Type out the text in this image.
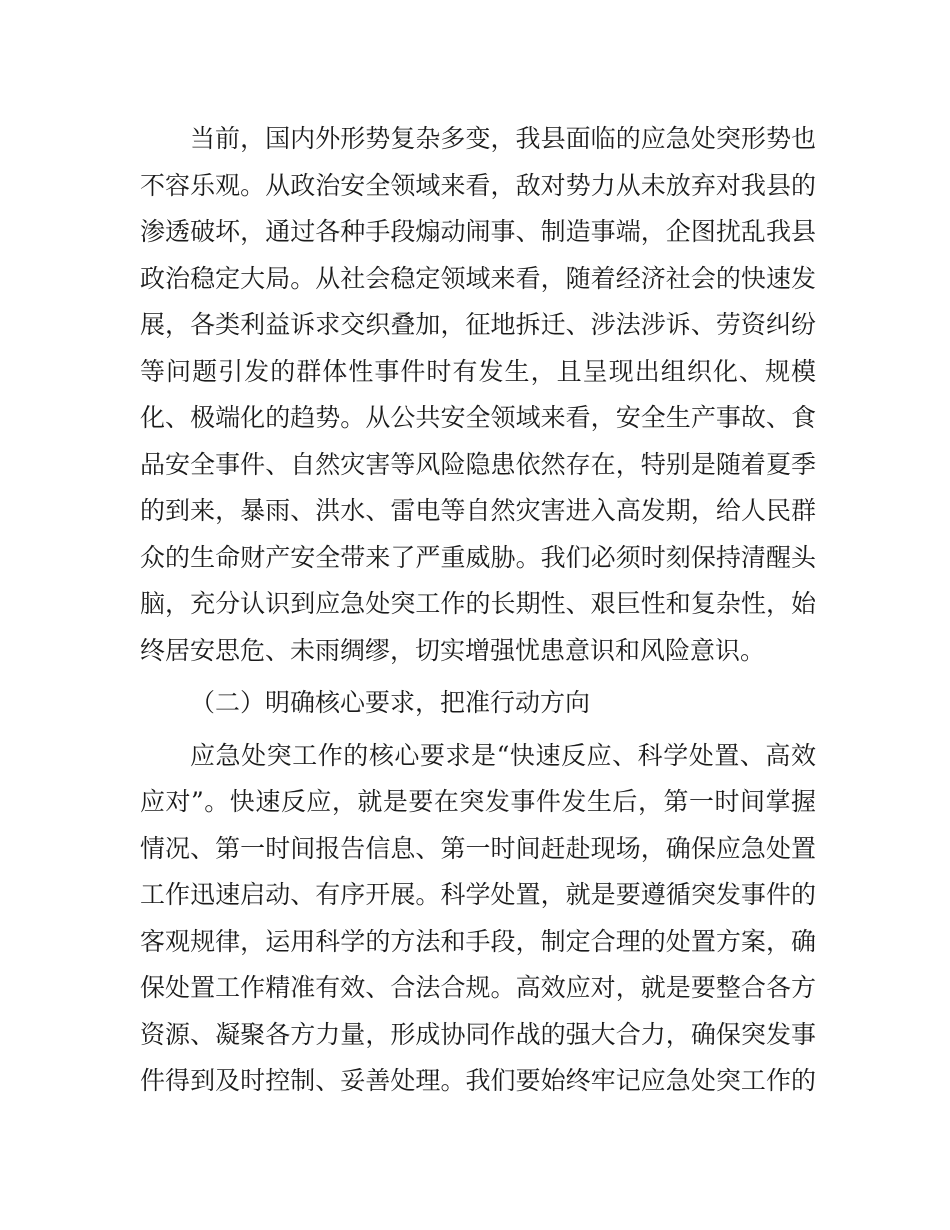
当前，国内外形势复杂多变，我县面临的应急处突形势也
不容乐观。从政治安全领域来看，敌对势力从未放弃对我县的
渗透破坏，通过各种手段煽动闹事、制造事端，企图扰乱我县
政治稳定大局。从社会稳定领域来看，随着经济社会的快速发
展，各类利益诉求交织叠加，征地拆迁、涉法涉诉、劳资纠纷
等问题引发的群体性事件时有发生，且呈现出组织化、规模
化、极端化的趋势。从公共安全领域来看，安全生产事故、食
品安全事件、自然灾害等风险隐患依然存在，特别是随着夏季
的到来，暴雨、洪水、雷电等自然灾害进入高发期，给人民群
众的生命财产安全带来了严重威胁。我们必须时刻保持清醒头
脑，充分认识到应急处突工作的长期性、艰巨性和复杂性，始
终居安思危、未雨绸缪，切实增强忧患意识和风险意识。
（二）明确核心要求，把准行动方向
应急处突工作的核心要求是“快速反应、科学处置、高效
应对”。快速反应，就是要在突发事件发生后，第一时间掌握
情况、第一时间报告信息、第一时间赶赴现场，确保应急处置
工作迅速启动、有序开展。科学处置，就是要遵循突发事件的
客观规律，运用科学的方法和手段，制定合理的处置方案，确
保处置工作精准有效、合法合规。高效应对，就是要整合各方
资源、凝聚各方力量，形成协同作战的强大合力，确保突发事
件得到及时控制、妥善处理。我们要始终牢记应急处突工作的
